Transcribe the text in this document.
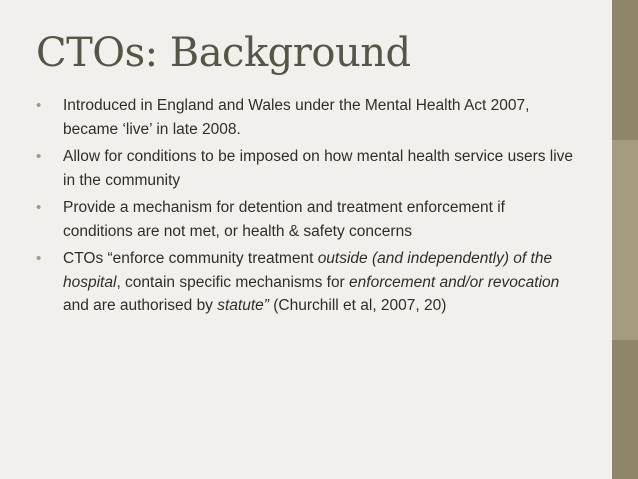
CTOs: Background
• Introduced in England and Wales under the Mental Health Act 2007, became ‘live’ in late 2008.
• Allow for conditions to be imposed on how mental health service users live in the community
• Provide a mechanism for detention and treatment enforcement if conditions are not met, or health & safety concerns
• CTOs “enforce community treatment outside (and independently) of the hospital, contain specific mechanisms for enforcement and/or revocation and are authorised by statute” (Churchill et al, 2007, 20)
